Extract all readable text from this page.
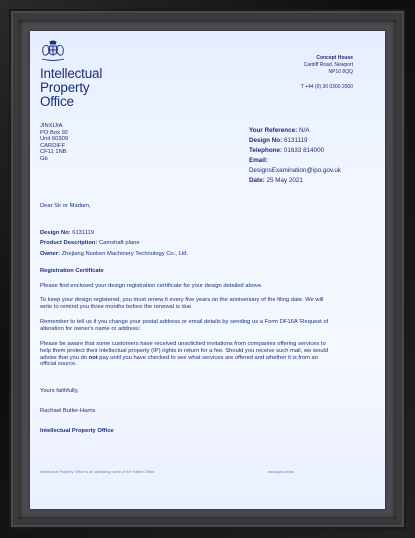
Intellectual
Property
Office
Concept House
Cardiff Road, Newport
NP10 8QQ
T +44 (0) 30 0300 2000
JINXIJIA
PO Box 92
Unit 60309
CARDIFF
CF11 1NB
Gb
Your Reference: N/A
Design No: 6131119
Telephone: 01633 814000
Email:
DesignsExamination@ipo.gov.uk
Date: 25 May 2021
Dear Sir or Madam,
Design No: 6131119
Product Description: Camshaft plane
Owner: Zhejiang Nuoken Machinery Technology Co., Ltd.
Registration Certificate
Please find enclosed your design registration certificate for your design detailed above.
To keep your design registered, you must renew it every five years on the anniversary of the filing date. We will
write to remind you three months before the renewal is due.
Remember to tell us if you change your postal address or email details by sending us a Form DF16A 'Request of
alteration for owner's name or address'.
Please be aware that some customers have received unsolicited invitations from companies offering services to
help them protect their intellectual property (IP) rights in return for a fee. Should you receive such mail, we would
advise that you do not pay until you have checked to see what services are offered and whether it is from an
official source.
Yours faithfully,
Rachael Butler-Harris
Intellectual Property Office
Intellectual Property Office is an operating name of the Patent Office	www.gov.uk/ipo
